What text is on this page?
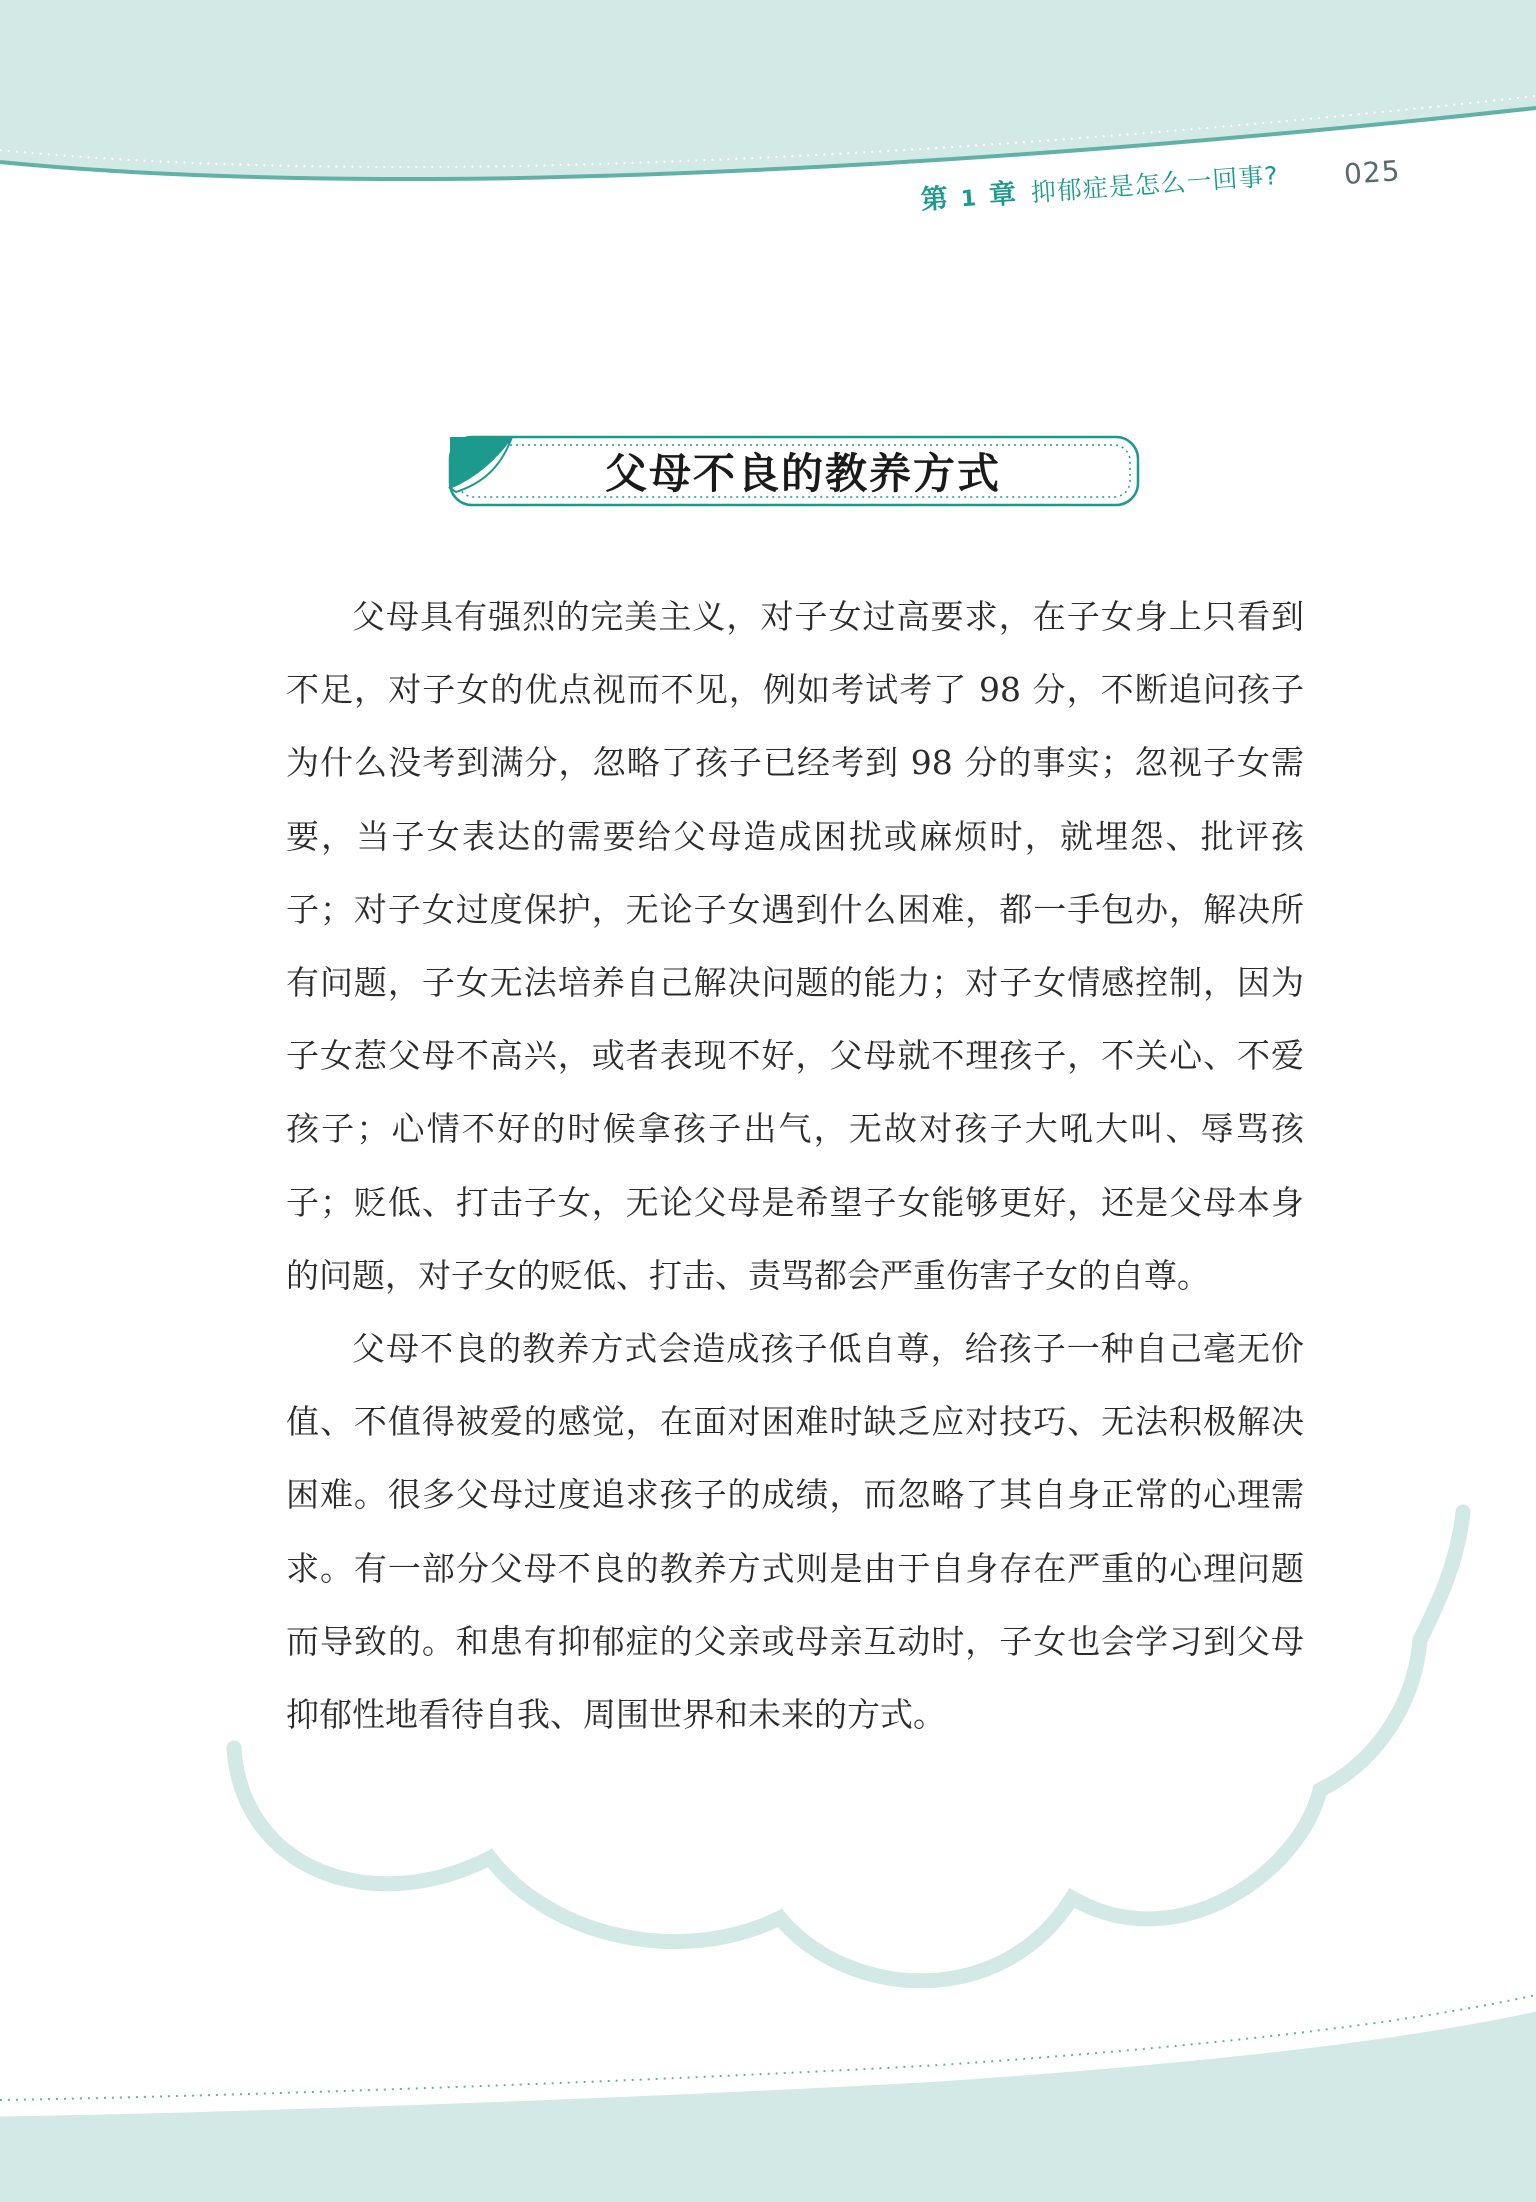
第 1 章 抑郁症是怎么一回事? 025
父母不良的教养方式

父母具有强烈的完美主义，对子女过高要求，在子女身上只看到不足，对子女的优点视而不见，例如考试考了 98 分，不断追问孩子为什么没考到满分，忽略了孩子已经考到 98 分的事实；忽视子女需要，当子女表达的需要给父母造成困扰或麻烦时，就埋怨、批评孩子；对子女过度保护，无论子女遇到什么困难，都一手包办，解决所有问题，子女无法培养自己解决问题的能力；对子女情感控制，因为子女惹父母不高兴，或者表现不好，父母就不理孩子，不关心、不爱孩子；心情不好的时候拿孩子出气，无故对孩子大吼大叫、辱骂孩子；贬低、打击子女，无论父母是希望子女能够更好，还是父母本身的问题，对子女的贬低、打击、责骂都会严重伤害子女的自尊。

父母不良的教养方式会造成孩子低自尊，给孩子一种自己毫无价值、不值得被爱的感觉，在面对困难时缺乏应对技巧、无法积极解决困难。很多父母过度追求孩子的成绩，而忽略了其自身正常的心理需求。有一部分父母不良的教养方式则是由于自身存在严重的心理问题而导致的。和患有抑郁症的父亲或母亲互动时，子女也会学习到父母抑郁性地看待自我、周围世界和未来的方式。
